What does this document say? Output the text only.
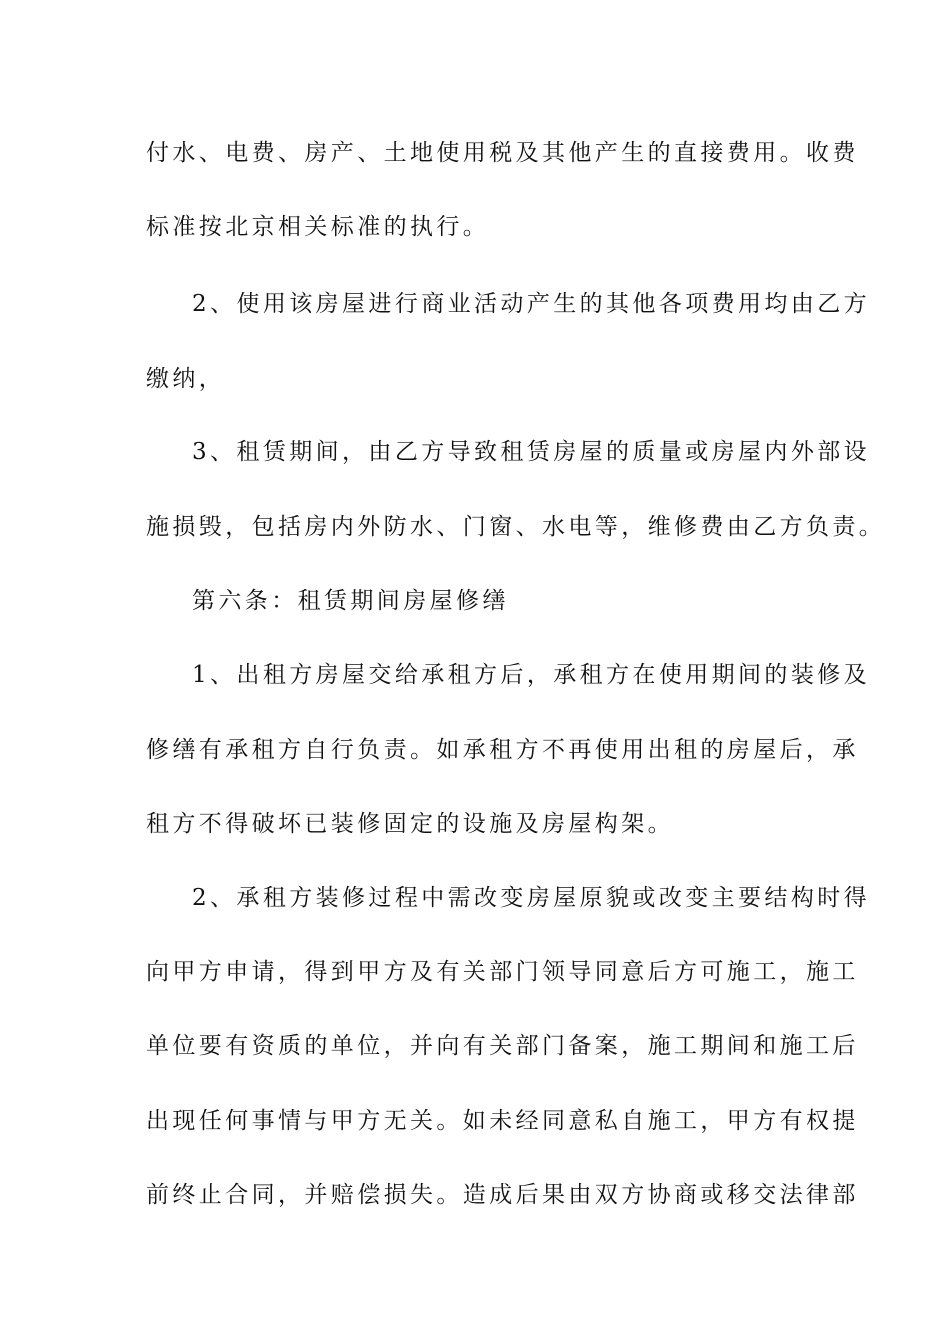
付水、电费、房产、土地使用税及其他产生的直接费用。收费
标准按北京相关标准的执行。
2、使用该房屋进行商业活动产生的其他各项费用均由乙方
缴纳，
3、租赁期间，由乙方导致租赁房屋的质量或房屋内外部设
施损毁，包括房内外防水、门窗、水电等，维修费由乙方负责。
第六条：租赁期间房屋修缮
1、出租方房屋交给承租方后，承租方在使用期间的装修及
修缮有承租方自行负责。如承租方不再使用出租的房屋后，承
租方不得破坏已装修固定的设施及房屋构架。
2、承租方装修过程中需改变房屋原貌或改变主要结构时得
向甲方申请，得到甲方及有关部门领导同意后方可施工，施工
单位要有资质的单位，并向有关部门备案，施工期间和施工后
出现任何事情与甲方无关。如未经同意私自施工，甲方有权提
前终止合同，并赔偿损失。造成后果由双方协商或移交法律部
